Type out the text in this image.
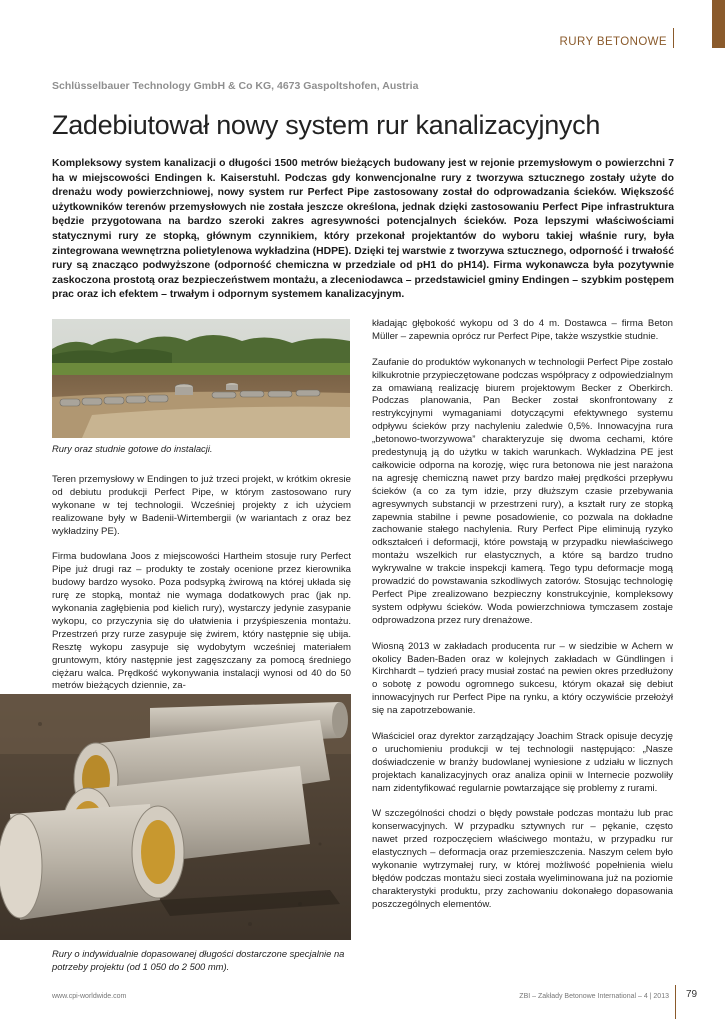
RURY BETONOWE
Schlüsselbauer Technology GmbH & Co KG, 4673 Gaspoltshofen, Austria
Zadebiutował nowy system rur kanalizacyjnych

Kompleksowy system kanalizacji o długości 1500 metrów bieżących budowany jest w rejonie przemysłowym o powierzchni 7 ha w miejscowości Endingen k. Kaiserstuhl. Podczas gdy konwencjonalne rury z tworzywa sztucznego zostały użyte do drenażu wody powierzchniowej, nowy system rur Perfect Pipe zastosowany został do odprowadzania ścieków. Większość użytkowników terenów przemysłowych nie została jeszcze określona, jednak dzięki zastosowaniu Perfect Pipe infrastruktura będzie przygotowana na bardzo szeroki zakres agresywności potencjalnych ścieków. Poza lepszymi właściwościami statycznymi rury ze stopką, głównym czynnikiem, który przekonał projektantów do wyboru takiej właśnie rury, była zintegrowana wewnętrzna polietylenowa wykładzina (HDPE). Dzięki tej warstwie z tworzywa sztucznego, odporność i trwałość rury są znacząco podwyższone (odporność chemiczna w przedziale od pH1 do pH14). Firma wykonawcza była pozytywnie zaskoczona prostotą oraz bezpieczeństwem montażu, a zleceniodawca – przedstawiciel gminy Endingen – szybkim postępem prac oraz ich efektem – trwałym i odpornym systemem kanalizacyjnym.

Rury oraz studnie gotowe do instalacji.

Teren przemysłowy w Endingen to już trzeci projekt, w krótkim okresie od debiutu produkcji Perfect Pipe, w którym zastosowano rury wykonane w tej technologii. Wcześniej projekty z ich użyciem realizowane były w Badenii-Wirtembergii (w wariantach z oraz bez wykładziny PE).

Firma budowlana Joos z miejscowości Hartheim stosuje rury Perfect Pipe już drugi raz – produkty te zostały ocenione przez kierownika budowy bardzo wysoko. Poza podsypką żwirową na której układa się rurę ze stopką, montaż nie wymaga dodatkowych prac (jak np. wykonania zagłębienia pod kielich rury), wystarczy jedynie zasypanie wykopu, co przyczynia się do ułatwienia i przyśpieszenia montażu. Przestrzeń przy rurze zasypuje się żwirem, który następnie się ubija. Resztę wykopu zasypuje się wydobytym wcześniej materiałem gruntowym, który następnie jest zagęszczany za pomocą średniego ciężaru walca. Prędkość wykonywania instalacji wynosi od 40 do 50 metrów bieżących dziennie, za-

Rury o indywidualnie dopasowanej długości dostarczone specjalnie na potrzeby projektu (od 1 050 do 2 500 mm).

kładając głębokość wykopu od 3 do 4 m. Dostawca – firma Beton Müller – zapewnia oprócz rur Perfect Pipe, także wszystkie studnie.

Zaufanie do produktów wykonanych w technologii Perfect Pipe zostało kilkukrotnie przypieczętowane podczas współpracy z odpowiedzialnym za omawianą realizację biurem projektowym Becker z Oberkirch. Podczas planowania, Pan Becker został skonfrontowany z restrykcyjnymi wymaganiami dotyczącymi efektywnego systemu odpływu ścieków przy nachyleniu zaledwie 0,5%. Innowacyjna rura „betonowo-tworzywowa” charakteryzuje się dwoma cechami, które predestynują ją do użytku w takich warunkach. Wykładzina PE jest całkowicie odporna na korozję, więc rura betonowa nie jest narażona na agresję chemiczną nawet przy bardzo małej prędkości przepływu ścieków (a co za tym idzie, przy dłuższym czasie przebywania agresywnych substancji w przestrzeni rury), a kształt rury ze stopką zapewnia stabilne i pewne posadowienie, co pozwala na dokładne zachowanie stałego nachylenia. Rury Perfect Pipe eliminują ryzyko odkształceń i deformacji, które powstają w przypadku niewłaściwego montażu wszelkich rur elastycznych, a które są bardzo trudno wykrywalne w trakcie inspekcji kamerą. Tego typu deformacje mogą prowadzić do powstawania szkodliwych zatorów. Stosując technologię Perfect Pipe zrealizowano bezpieczny konstrukcyjnie, kompleksowy system odpływu ścieków. Woda powierzchniowa tymczasem zostaje odprowadzona przez rury drenażowe.

Wiosną 2013 w zakładach producenta rur – w siedzibie w Achern w okolicy Baden-Baden oraz w kolejnych zakładach w Gündlingen i Kirchhardt – tydzień pracy musiał zostać na pewien okres przedłużony o sobotę z powodu ogromnego sukcesu, którym okazał się debiut innowacyjnych rur Perfect Pipe na rynku, a który oczywiście przełożył się na zapotrzebowanie.

Właściciel oraz dyrektor zarządzający Joachim Strack opisuje decyzję o uruchomieniu produkcji w tej technologii następująco: „Nasze doświadczenie w branży budowlanej wyniesione z udziału w licznych projektach kanalizacyjnych oraz analiza opinii w Internecie pozwoliły nam zidentyfikować regularnie powtarzające się problemy z rurami.

W szczególności chodzi o błędy powstałe podczas montażu lub prac konserwacyjnych. W przypadku sztywnych rur – pękanie, często nawet przed rozpoczęciem właściwego montażu, w przypadku rur elastycznych – deformacja oraz przemieszczenia. Naszym celem było wykonanie wytrzymałej rury, w której możliwość popełnienia wielu błędów podczas montażu sieci została wyeliminowana już na poziomie charakterystyki produktu, przy zachowaniu dokonałego dopasowania poszczególnych elementów.

www.cpi-worldwide.com	ZBI – Zakłady Betonowe International – 4 | 2013 79
